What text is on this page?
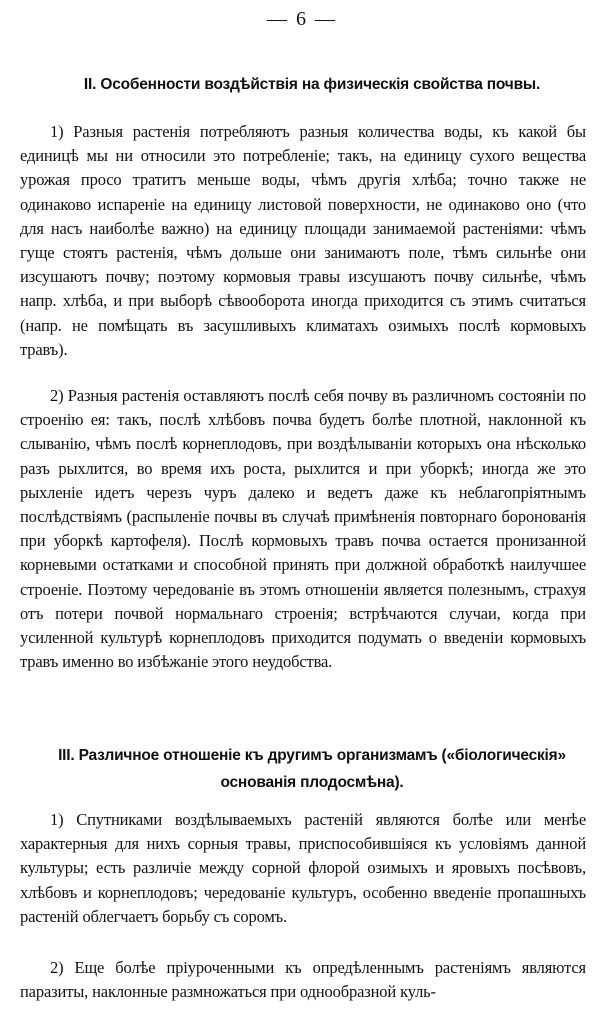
— 6 —
II. Особенности воздѣйствія на физическія свойства почвы.

1) Разныя растенія потребляютъ разныя количества воды, къ какой бы единицѣ мы ни относили это потребленіе; такъ, на единицу сухого вещества урожая просо тратитъ меньше воды, чѣмъ другія хлѣба; точно также не одинаково испареніе на единицу листовой поверхности, не одинаково оно (что для насъ наиболѣе важно) на единицу площади занимаемой растеніями: чѣмъ гуще стоятъ растенія, чѣмъ дольше они занимаютъ поле, тѣмъ сильнѣе они изсушаютъ почву; поэтому кормовыя травы изсушаютъ почву сильнѣе, чѣмъ напр. хлѣба, и при выборѣ сѣвооборота иногда приходится съ этимъ считаться (напр. не помѣщать въ засушливыхъ климатахъ озимыхъ послѣ кормовыхъ травъ).

2) Разныя растенія оставляютъ послѣ себя почву въ различномъ состояніи по строенію ея: такъ, послѣ хлѣбовъ почва будетъ болѣе плотной, наклонной къ слыванію, чѣмъ послѣ корнеплодовъ, при воздѣлываніи которыхъ она нѣсколько разъ рыхлится, во время ихъ роста, рыхлится и при уборкѣ; иногда же это рыхленіе идетъ черезъ чуръ далеко и ведетъ даже къ неблагопріятнымъ послѣдствіямъ (распыленіе почвы въ случаѣ примѣненія повторнаго боронованія при уборкѣ картофеля). Послѣ кормовыхъ травъ почва остается пронизанной корневыми остатками и способной принять при должной обработкѣ наилучшее строеніе. Поэтому чередованіе въ этомъ отношеніи является полезнымъ, страхуя отъ потери почвой нормальнаго строенія; встрѣчаются случаи, когда при усиленной культурѣ корнеплодовъ приходится подумать о введеніи кормовыхъ травъ именно во избѣжаніе этого неудобства.

III. Различное отношеніе къ другимъ организмамъ («біологическія» основанія плодосмѣна).

1) Спутниками воздѣлываемыхъ растеній являются болѣе или менѣе характерныя для нихъ сорныя травы, приспособившіяся къ условіямъ данной культуры; есть различіе между сорной флорой озимыхъ и яровыхъ посѣвовъ, хлѣбовъ и корнеплодовъ; чередованіе культуръ, особенно введеніе пропашныхъ растеній облегчаетъ борьбу съ соромъ.

2) Еще болѣе пріуроченными къ опредѣленнымъ растеніямъ являются паразиты, наклонные размножаться при однообразной куль-
